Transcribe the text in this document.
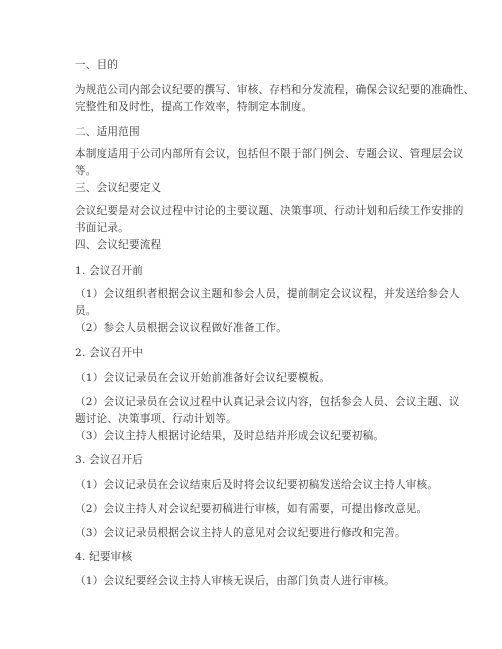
一、目的
为规范公司内部会议纪要的撰写、审核、存档和分发流程，确保会议纪要的准确性、
完整性和及时性，提高工作效率，特制定本制度。
二、适用范围
本制度适用于公司内部所有会议，包括但不限于部门例会、专题会议、管理层会议
等。
三、会议纪要定义
会议纪要是对会议过程中讨论的主要议题、决策事项、行动计划和后续工作安排的
书面记录。
四、会议纪要流程
1. 会议召开前
（1）会议组织者根据会议主题和参会人员，提前制定会议议程，并发送给参会人
员。
（2）参会人员根据会议议程做好准备工作。
2. 会议召开中
（1）会议记录员在会议开始前准备好会议纪要模板。
（2）会议记录员在会议过程中认真记录会议内容，包括参会人员、会议主题、议
题讨论、决策事项、行动计划等。
（3）会议主持人根据讨论结果，及时总结并形成会议纪要初稿。
3. 会议召开后
（1）会议记录员在会议结束后及时将会议纪要初稿发送给会议主持人审核。
（2）会议主持人对会议纪要初稿进行审核，如有需要，可提出修改意见。
（3）会议记录员根据会议主持人的意见对会议纪要进行修改和完善。
4. 纪要审核
（1）会议纪要经会议主持人审核无误后，由部门负责人进行审核。
